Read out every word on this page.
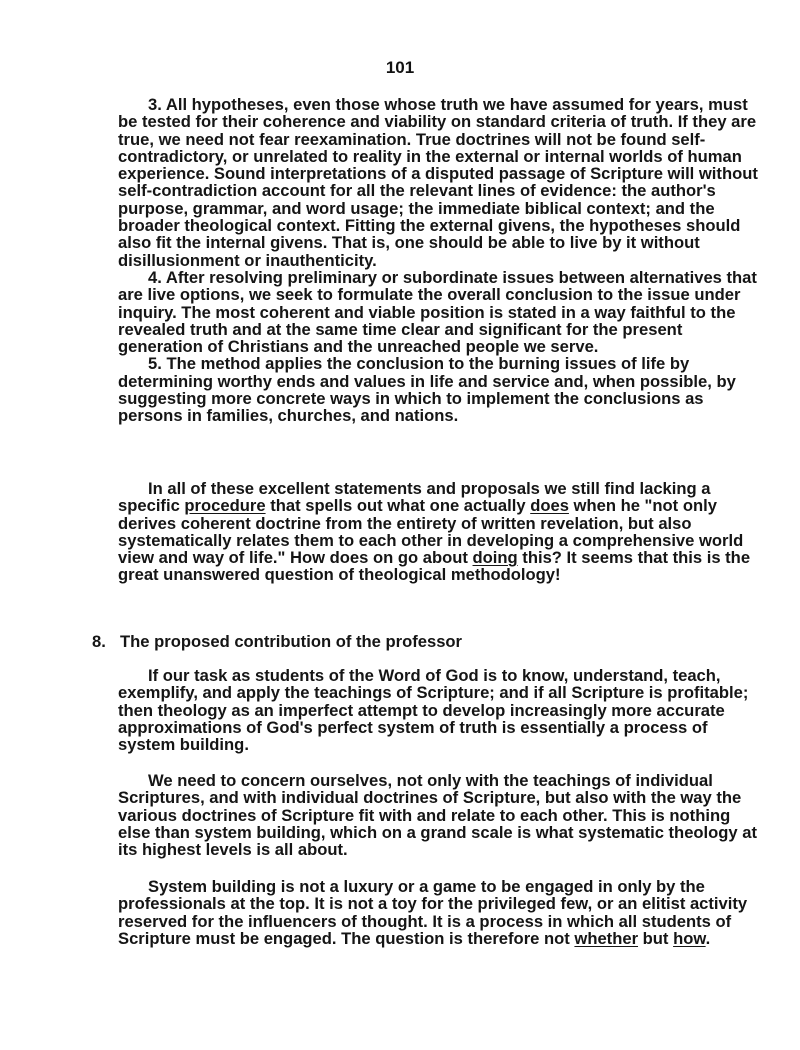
101

3. All hypotheses, even those whose truth we have assumed for years, must be tested for their coherence and viability on standard criteria of truth. If they are true, we need not fear reexamination. True doctrines will not be found self-contradictory, or unrelated to reality in the external or internal worlds of human experience. Sound interpretations of a disputed passage of Scripture will without self-contradiction account for all the relevant lines of evidence: the author's purpose, grammar, and word usage; the immediate biblical context; and the broader theological context. Fitting the external givens, the hypotheses should also fit the internal givens. That is, one should be able to live by it without disillusionment or inauthenticity.

4. After resolving preliminary or subordinate issues between alternatives that are live options, we seek to formulate the overall conclusion to the issue under inquiry. The most coherent and viable position is stated in a way faithful to the revealed truth and at the same time clear and significant for the present generation of Christians and the unreached people we serve.

5. The method applies the conclusion to the burning issues of life by determining worthy ends and values in life and service and, when possible, by suggesting more concrete ways in which to implement the conclusions as persons in families, churches, and nations.

In all of these excellent statements and proposals we still find lacking a specific procedure that spells out what one actually does when he "not only derives coherent doctrine from the entirety of written revelation, but also systematically relates them to each other in developing a comprehensive world view and way of life." How does on go about doing this? It seems that this is the great unanswered question of theological methodology!

8. The proposed contribution of the professor

If our task as students of the Word of God is to know, understand, teach, exemplify, and apply the teachings of Scripture; and if all Scripture is profitable; then theology as an imperfect attempt to develop increasingly more accurate approximations of God's perfect system of truth is essentially a process of system building.

We need to concern ourselves, not only with the teachings of individual Scriptures, and with individual doctrines of Scripture, but also with the way the various doctrines of Scripture fit with and relate to each other. This is nothing else than system building, which on a grand scale is what systematic theology at its highest levels is all about.

System building is not a luxury or a game to be engaged in only by the professionals at the top. It is not a toy for the privileged few, or an elitist activity reserved for the influencers of thought. It is a process in which all students of Scripture must be engaged. The question is therefore not whether but how.
